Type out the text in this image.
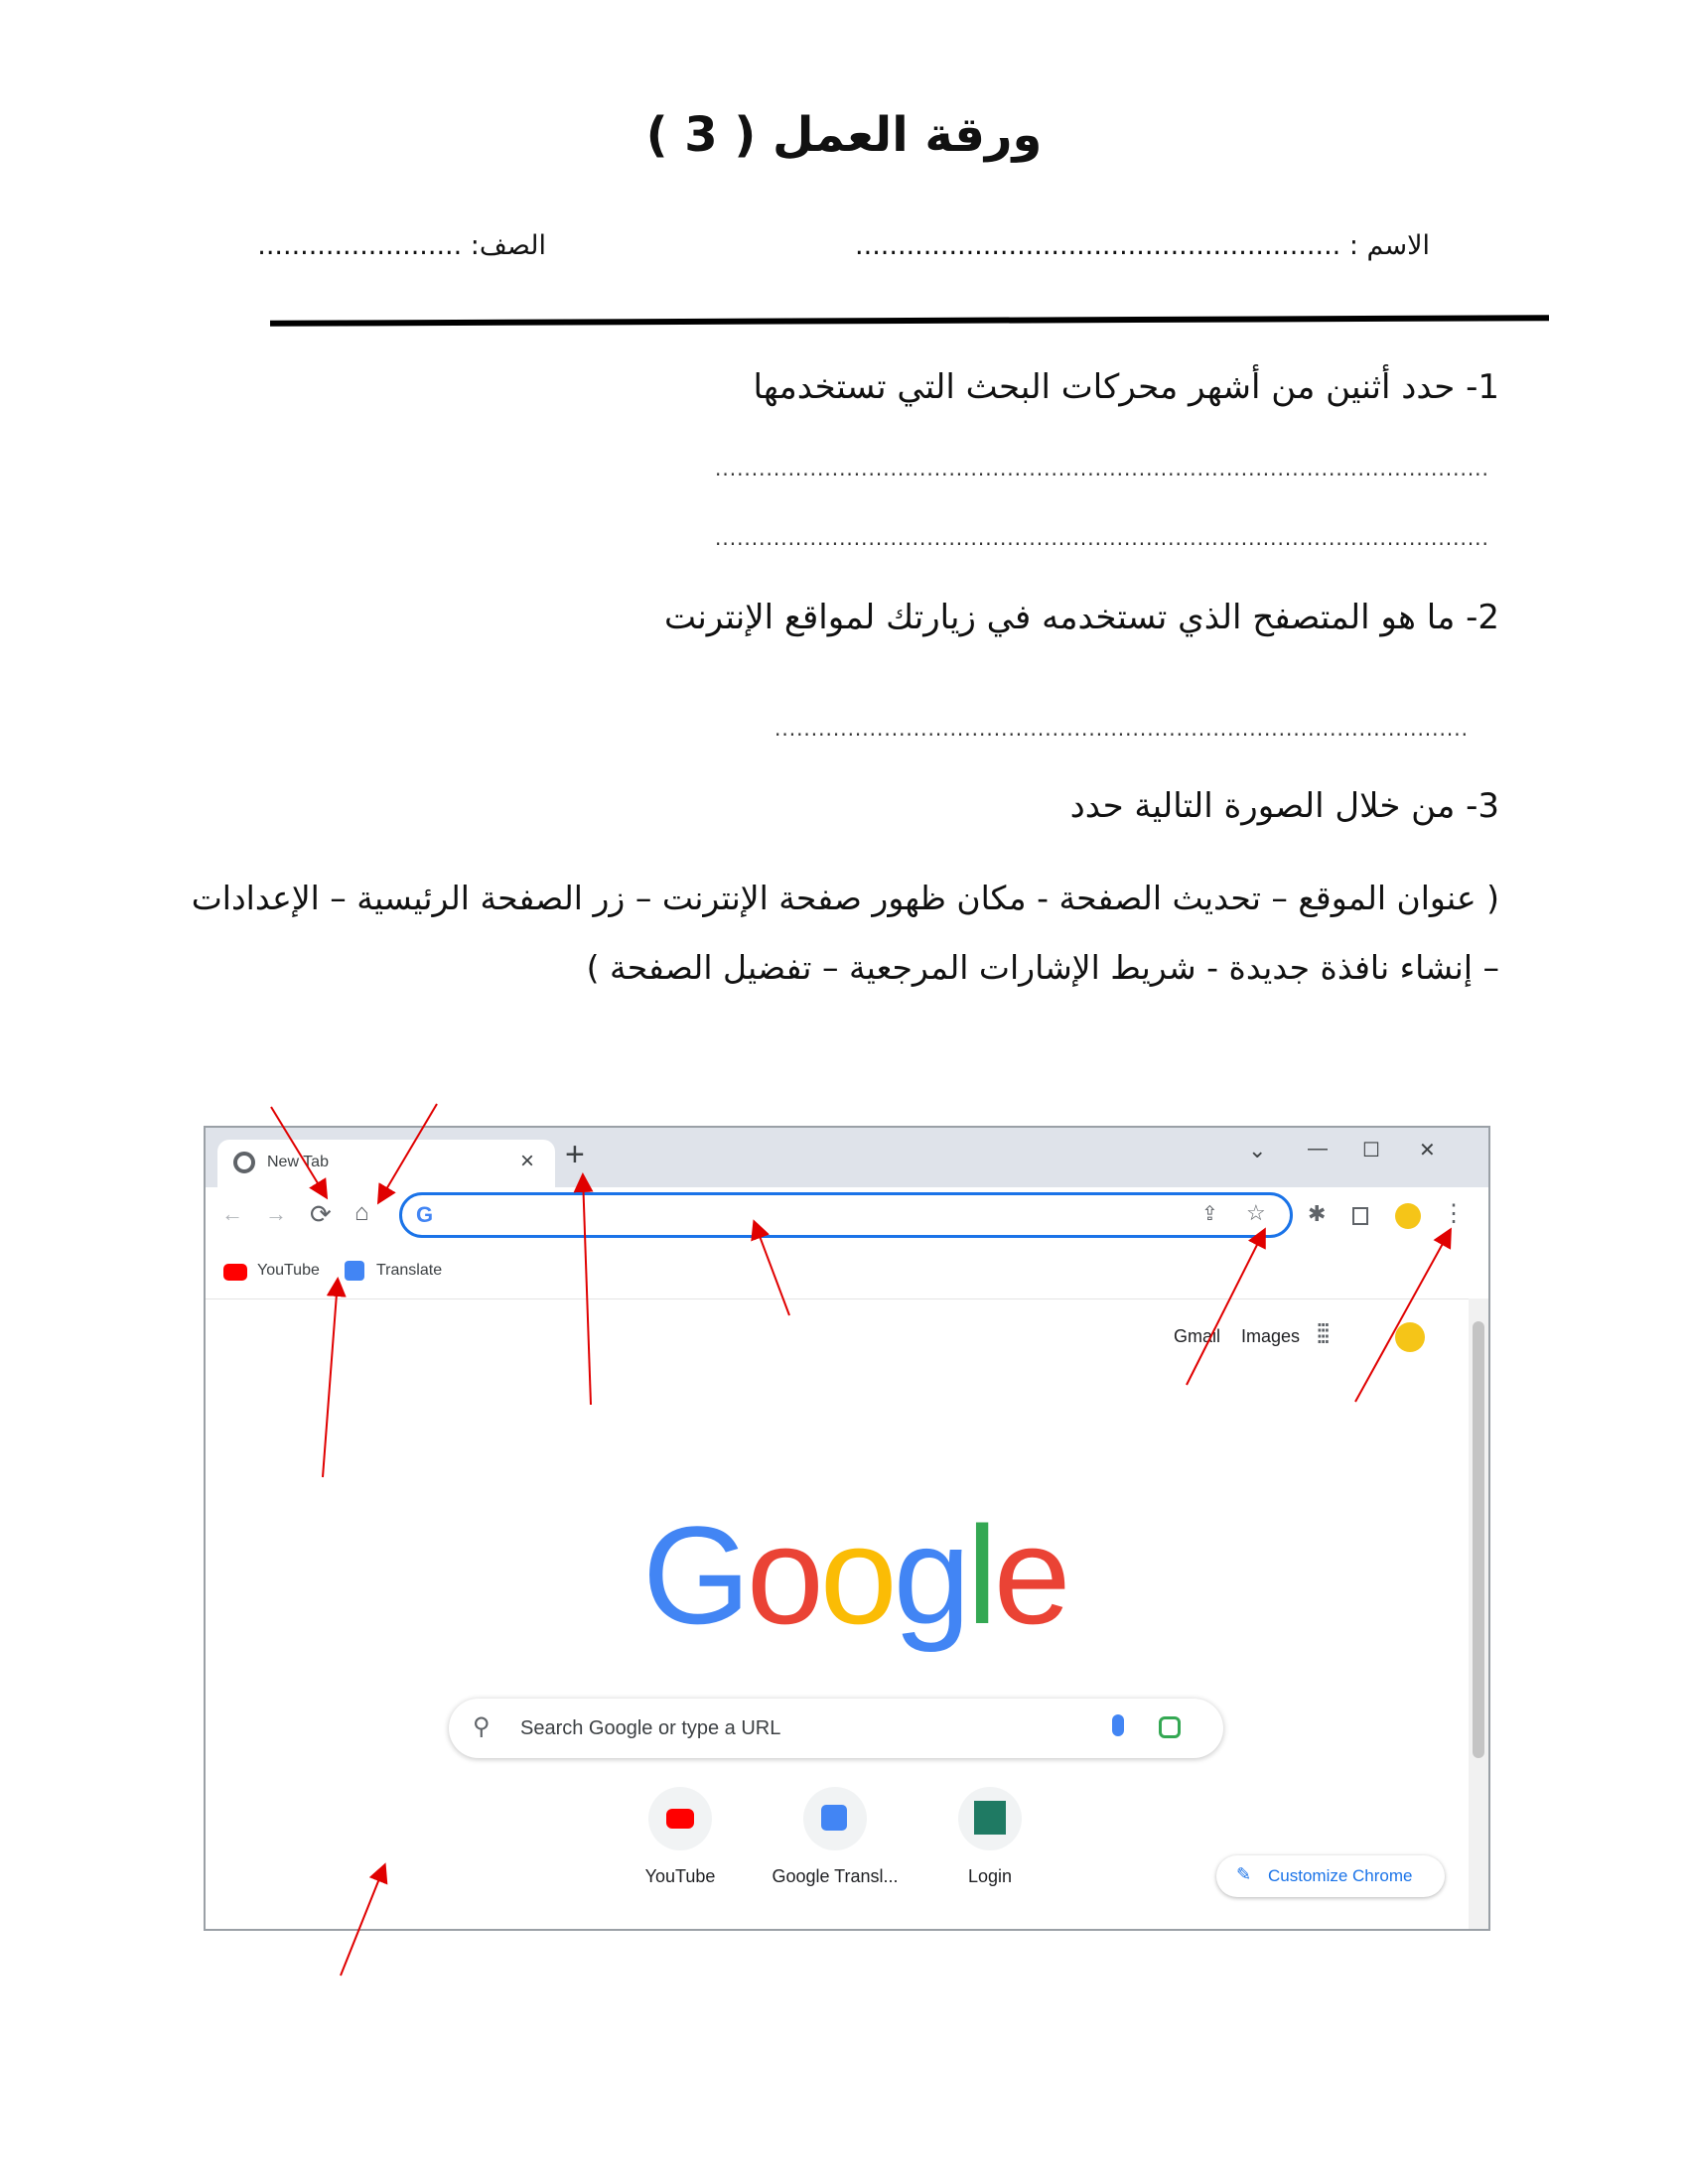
ورقة العمل ( 3 )
الاسم : .........................................................
الصف: ........................
1- حدد أثنين من أشهر محركات البحث التي تستخدمها
..........................................................................................................
..........................................................................................................
2- ما هو المتصفح الذي تستخدمه في زيارتك لمواقع الإنترنت
...............................................................................................
3- من خلال الصورة التالية حدد
( عنوان الموقع – تحديث الصفحة - مكان ظهور صفحة الإنترنت – زر الصفحة الرئيسية – الإعدادات
– إنشاء نافذة جديدة - شريط الإشارات المرجعية – تفضيل الصفحة )
New Tab	× +	⌄ — ☐ ✕
← → ⟳ ⌂ G	⇪ ☆ ✱	⋮
YouTube	Translate
Gmail Images ⁞⁞⁞
Google
⚲ Search Google or type a URL
YouTube	Google Transl...	Login	✎ Customize Chrome
